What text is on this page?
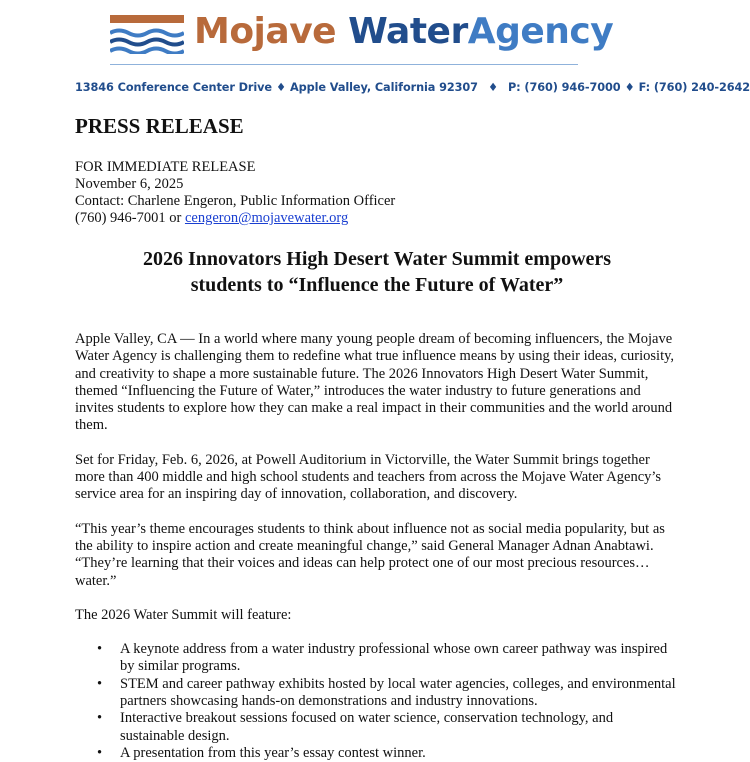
Mojave WaterAgency
13846 Conference Center Drive ♦ Apple Valley, California 92307 ♦ P: (760) 946-7000 ♦ F: (760) 240-2642
PRESS RELEASE
FOR IMMEDIATE RELEASE
November 6, 2025
Contact: Charlene Engeron, Public Information Officer
(760) 946-7001 or cengeron@mojavewater.org
2026 Innovators High Desert Water Summit empowers
students to “Influence the Future of Water”

Apple Valley, CA — In a world where many young people dream of becoming influencers, the Mojave Water Agency is challenging them to redefine what true influence means by using their ideas, curiosity, and creativity to shape a more sustainable future. The 2026 Innovators High Desert Water Summit, themed “Influencing the Future of Water,” introduces the water industry to future generations and invites students to explore how they can make a real impact in their communities and the world around them.

Set for Friday, Feb. 6, 2026, at Powell Auditorium in Victorville, the Water Summit brings together more than 400 middle and high school students and teachers from across the Mojave Water Agency’s service area for an inspiring day of innovation, collaboration, and discovery.

“This year’s theme encourages students to think about influence not as social media popularity, but as the ability to inspire action and create meaningful change,” said General Manager Adnan Anabtawi. “They’re learning that their voices and ideas can help protect one of our most precious resources…water.”

The 2026 Water Summit will feature:

• A keynote address from a water industry professional whose own career pathway was inspired by similar programs.
• STEM and career pathway exhibits hosted by local water agencies, colleges, and environmental partners showcasing hands-on demonstrations and industry innovations.
• Interactive breakout sessions focused on water science, conservation technology, and sustainable design.
• A presentation from this year’s essay contest winner.
